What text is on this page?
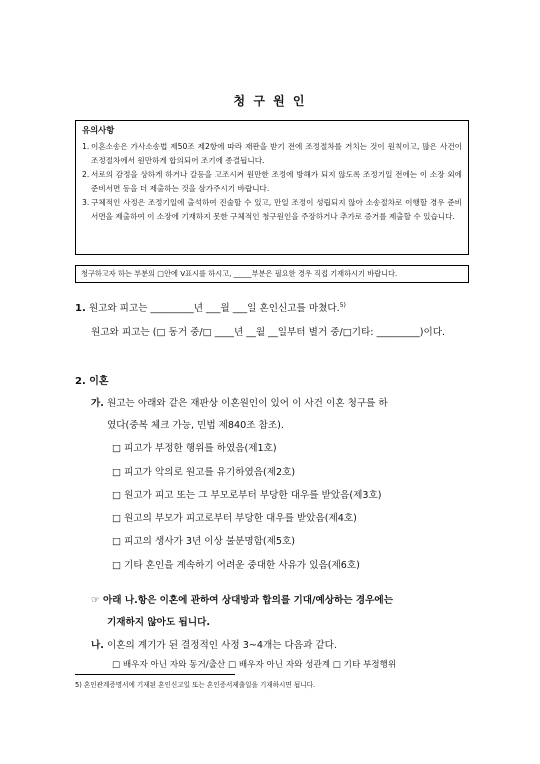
청 구 원 인
유의사항
1. 이혼소송은 가사소송법 제50조 제2항에 따라 재판을 받기 전에 조정절차를 거치는 것이 원칙이고, 많은 사건이 조정절차에서 원만하게 합의되어 조기에 종결됩니다.
2. 서로의 감정을 상하게 하거나 갈등을 고조시켜 원만한 조정에 방해가 되지 않도록 조정기일 전에는 이 소장 외에 준비서면 등을 더 제출하는 것을 삼가주시기 바랍니다.
3. 구체적인 사정은 조정기일에 출석하여 진술할 수 있고, 만일 조정이 성립되지 않아 소송절차로 이행할 경우 준비서면을 제출하여 이 소장에 기재하지 못한 구체적인 청구원인을 주장하거나 추가로 증거를 제출할 수 있습니다.
청구하고자 하는 부분의 □안에 V표시를 하시고, _____부분은 필요한 경우 직접 기재하시기 바랍니다.
1. 원고와 피고는 _________년 ___월 ___일 혼인신고를 마쳤다.$^{5)}$
원고와 피고는 (□ 동거 중/□ ____년 __월 __일부터 별거 중/□기타: _________)이다.
2. 이혼
가. 원고는 아래와 같은 재판상 이혼원인이 있어 이 사건 이혼 청구를 하
였다(중복 체크 가능, 민법 제840조 참조).
□ 피고가 부정한 행위를 하였음(제1호)
□ 피고가 악의로 원고를 유기하였음(제2호)
□ 원고가 피고 또는 그 부모로부터 부당한 대우를 받았음(제3호)
□ 원고의 부모가 피고로부터 부당한 대우를 받았음(제4호)
□ 피고의 생사가 3년 이상 불분명함(제5호)
□ 기타 혼인을 계속하기 어려운 중대한 사유가 있음(제6호)
☞ 아래 나.항은 이혼에 관하여 상대방과 합의를 기대/예상하는 경우에는
기재하지 않아도 됩니다.
나. 이혼의 계기가 된 결정적인 사정 3~4개는 다음과 같다.
□ 배우자 아닌 자와 동거/출산 □ 배우자 아닌 자와 성관계 □ 기타 부정행위
5) 혼인관계증명서에 기재된 혼인신고일 또는 혼인증서제출일을 기재하시면 됩니다.
